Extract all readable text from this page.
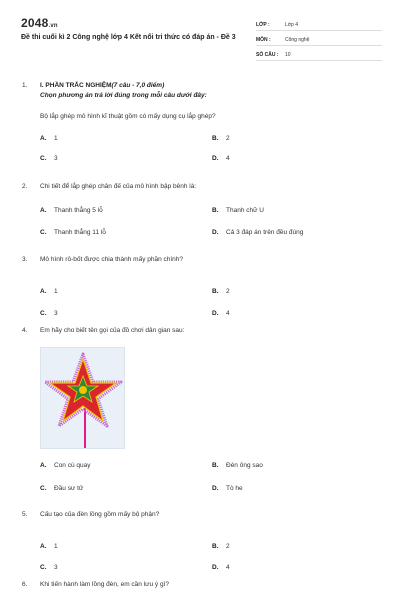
2048.vn
Đề thi cuối kì 2 Công nghệ lớp 4 Kết nối tri thức có đáp án - Đề 3
LỚP :	Lớp 4
MÔN :	Công nghệ
SỐ CÂU :	10
1.	I. PHẦN TRẮC NGHIỆM(7 câu - 7,0 điểm)
Chọn phương án trả lời đúng trong mỗi câu dưới đây:
Bộ lắp ghép mô hình kĩ thuật gồm có mấy dụng cụ lắp ghép?
A.	1	B.	2
C.	3	D.	4
2.	Chi tiết để lắp ghép chân đế của mô hình bập bênh là:
A.	Thanh thẳng 5 lỗ	B.	Thanh chữ U
C.	Thanh thẳng 11 lỗ	D.	Cả 3 đáp án trên đều đúng
3.	Mô hình rô-bốt được chia thành mấy phần chính?
A.	1	B.	2
C.	3	D.	4
4.	Em hãy cho biết tên gọi của đồ chơi dân gian sau:
A.	Con cù quay	B.	Đèn ông sao
C.	Đầu sư tử	D.	Tò he
5.	Cấu tạo của đèn lồng gồm mấy bộ phận?
A.	1	B.	2
C.	3	D.	4
6.	Khi tiến hành làm lồng đèn, em cần lưu ý gì?
